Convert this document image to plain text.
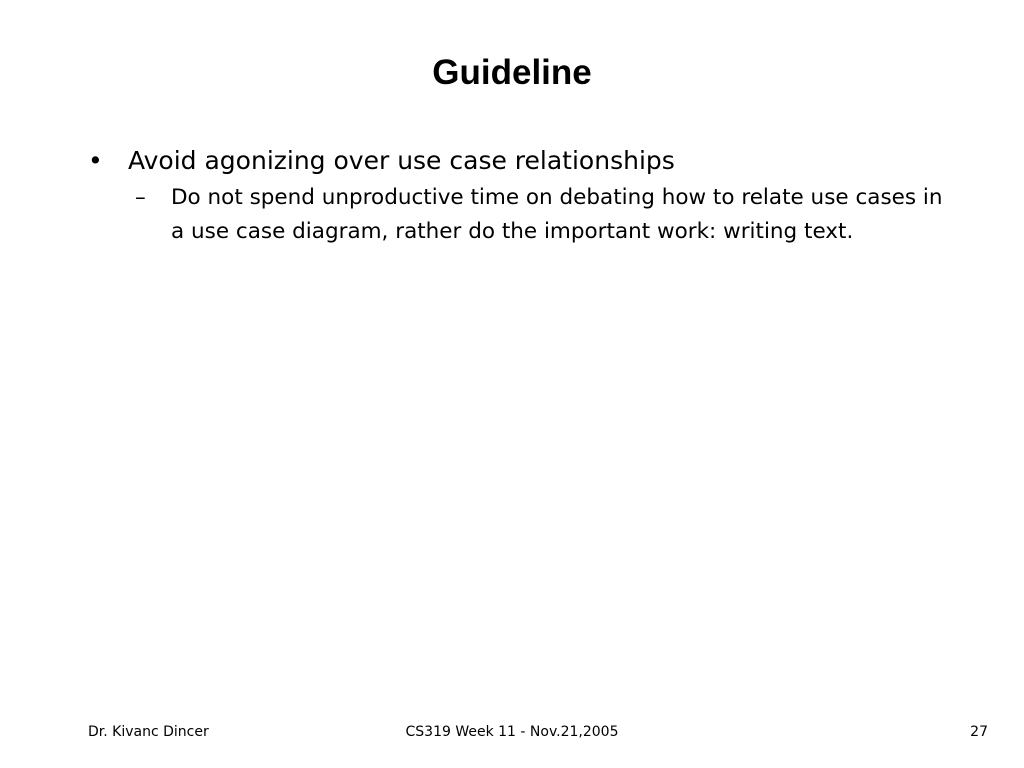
Guideline
•	Avoid agonizing over use case relationships
–	Do not spend unproductive time on debating how to relate use cases in a use case diagram, rather do the important work: writing text.
Dr. Kivanc Dincer	CS319 Week 11 - Nov.21,2005	27
